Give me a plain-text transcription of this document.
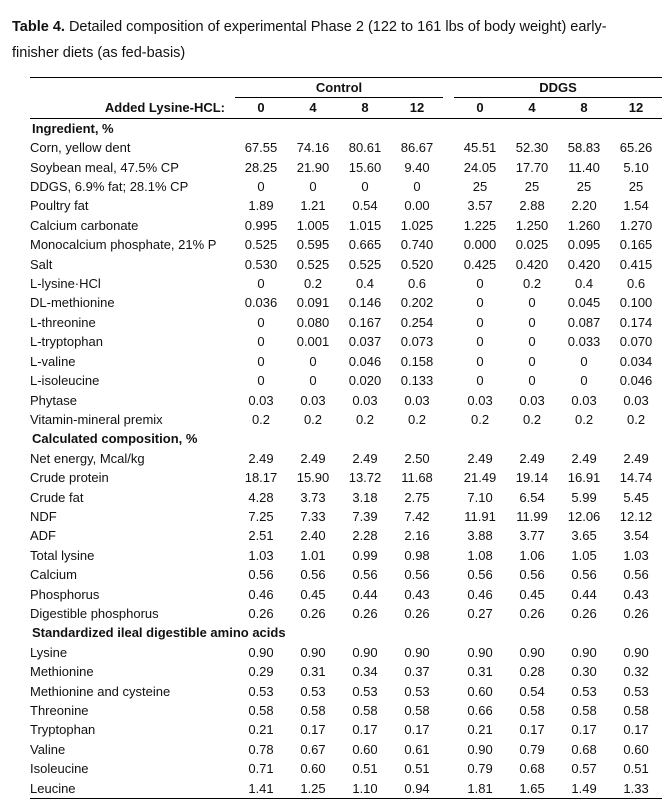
Table 4. Detailed composition of experimental Phase 2 (122 to 161 lbs of body weight) early-finisher diets (as fed-basis)
	Control					DDGS			
Added Lysine-HCL:	0	4	8	12		0	4	8	12
Ingredient, %									
Corn, yellow dent	67.55	74.16	80.61	86.67		45.51	52.30	58.83	65.26
Soybean meal, 47.5% CP	28.25	21.90	15.60	9.40		24.05	17.70	11.40	5.10
DDGS, 6.9% fat; 28.1% CP	0	0	0	0		25	25	25	25
Poultry fat	1.89	1.21	0.54	0.00		3.57	2.88	2.20	1.54
Calcium carbonate	0.995	1.005	1.015	1.025		1.225	1.250	1.260	1.270
Monocalcium phosphate, 21% P	0.525	0.595	0.665	0.740		0.000	0.025	0.095	0.165
Salt	0.530	0.525	0.525	0.520		0.425	0.420	0.420	0.415
L-lysine·HCl	0	0.2	0.4	0.6		0	0.2	0.4	0.6
DL-methionine	0.036	0.091	0.146	0.202		0	0	0.045	0.100
L-threonine	0	0.080	0.167	0.254		0	0	0.087	0.174
L-tryptophan	0	0.001	0.037	0.073		0	0	0.033	0.070
L-valine	0	0	0.046	0.158		0	0	0	0.034
L-isoleucine	0	0	0.020	0.133		0	0	0	0.046
Phytase	0.03	0.03	0.03	0.03		0.03	0.03	0.03	0.03
Vitamin-mineral premix	0.2	0.2	0.2	0.2		0.2	0.2	0.2	0.2
Calculated composition, %									
Net energy, Mcal/kg	2.49	2.49	2.49	2.50		2.49	2.49	2.49	2.49
Crude protein	18.17	15.90	13.72	11.68		21.49	19.14	16.91	14.74
Crude fat	4.28	3.73	3.18	2.75		7.10	6.54	5.99	5.45
NDF	7.25	7.33	7.39	7.42		11.91	11.99	12.06	12.12
ADF	2.51	2.40	2.28	2.16		3.88	3.77	3.65	3.54
Total lysine	1.03	1.01	0.99	0.98		1.08	1.06	1.05	1.03
Calcium	0.56	0.56	0.56	0.56		0.56	0.56	0.56	0.56
Phosphorus	0.46	0.45	0.44	0.43		0.46	0.45	0.44	0.43
Digestible phosphorus	0.26	0.26	0.26	0.26		0.27	0.26	0.26	0.26
Standardized ileal digestible amino acids									
Lysine	0.90	0.90	0.90	0.90		0.90	0.90	0.90	0.90
Methionine	0.29	0.31	0.34	0.37		0.31	0.28	0.30	0.32
Methionine and cysteine	0.53	0.53	0.53	0.53		0.60	0.54	0.53	0.53
Threonine	0.58	0.58	0.58	0.58		0.66	0.58	0.58	0.58
Tryptophan	0.21	0.17	0.17	0.17		0.21	0.17	0.17	0.17
Valine	0.78	0.67	0.60	0.61		0.90	0.79	0.68	0.60
Isoleucine	0.71	0.60	0.51	0.51		0.79	0.68	0.57	0.51
Leucine	1.41	1.25	1.10	0.94		1.81	1.65	1.49	1.33
